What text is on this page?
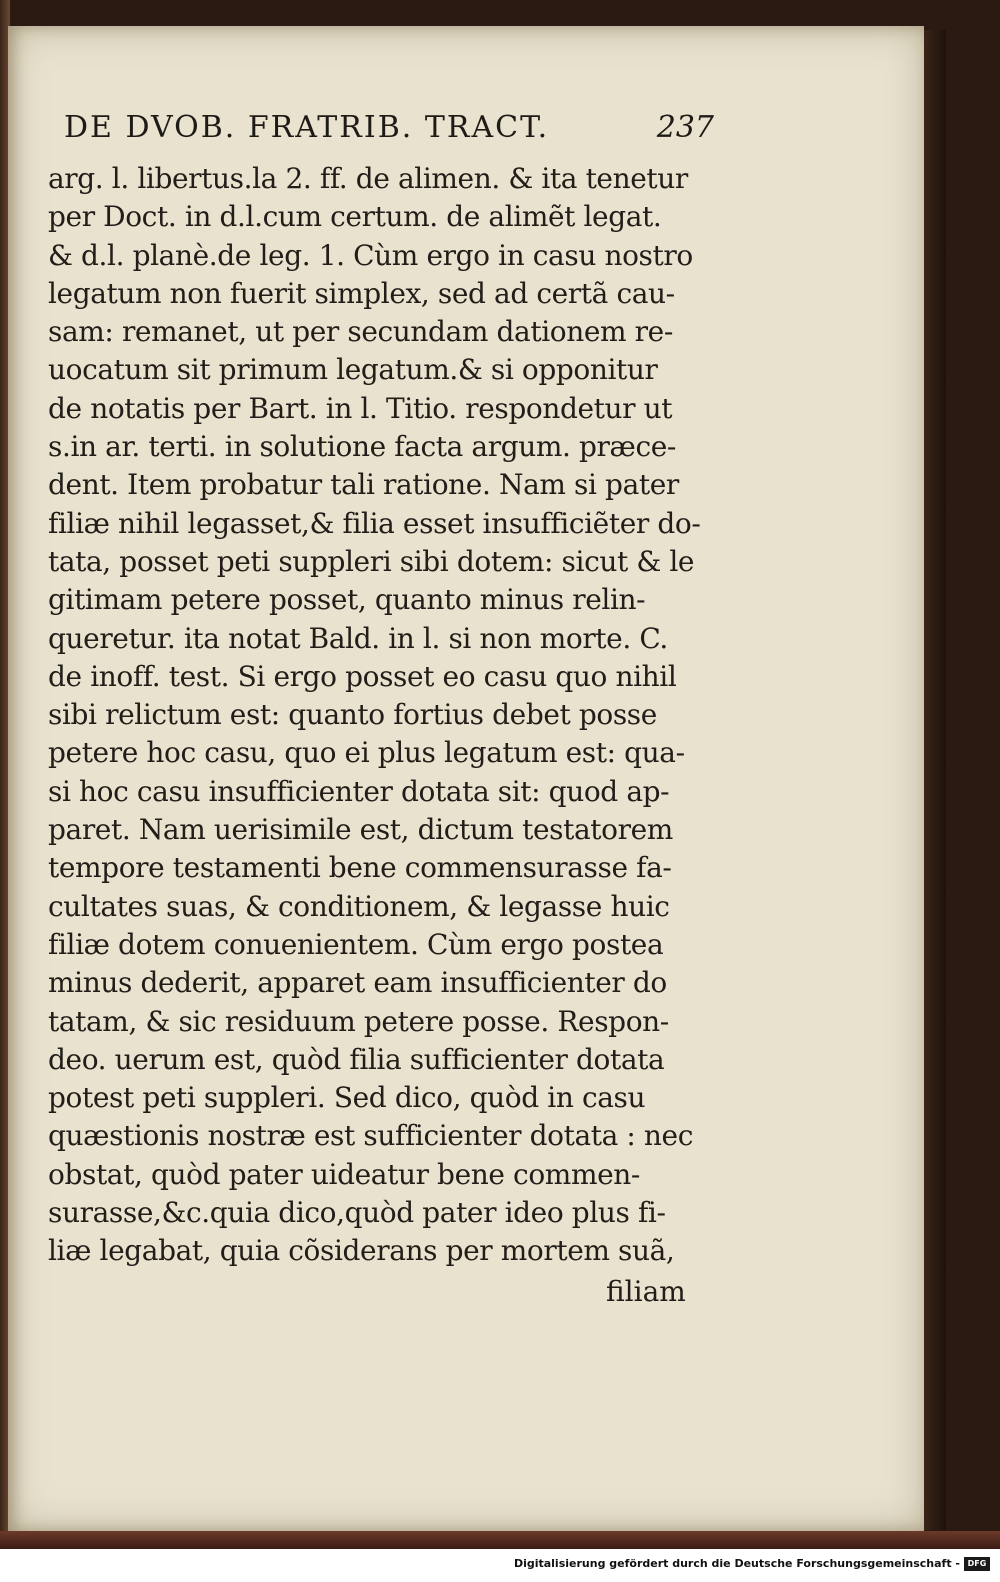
DE DVOB. FRATRIB. TRACT.	237
arg. l. libertus.la 2. ff. de alimen. & ita tenetur
per Doct. in d.l.cum certum. de alimẽt legat.
& d.l. planè.de leg. 1. Cùm ergo in casu nostro
legatum non fuerit simplex, sed ad certã cau-
sam: remanet, ut per secundam dationem re-
uocatum sit primum legatum.& si opponitur
de notatis per Bart. in l. Titio. respondetur ut
s.in ar. terti. in solutione facta argum. præce-
dent. Item probatur tali ratione. Nam si pater
filiæ nihil legasset,& filia esset insufficiẽter do-
tata, posset peti suppleri sibi dotem: sicut & le
gitimam petere posset, quanto minus relin-
queretur. ita notat Bald. in l. si non morte. C.
de inoff. test. Si ergo posset eo casu quo nihil
sibi relictum est: quanto fortius debet posse
petere hoc casu, quo ei plus legatum est: qua-
si hoc casu insufficienter dotata sit: quod ap-
paret. Nam uerisimile est, dictum testatorem
tempore testamenti bene commensurasse fa-
cultates suas, & conditionem, & legasse huic
filiæ dotem conuenientem. Cùm ergo postea
minus dederit, apparet eam insufficienter do
tatam, & sic residuum petere posse. Respon-
deo. uerum est, quòd filia sufficienter dotata
potest peti suppleri. Sed dico, quòd in casu
quæstionis nostræ est sufficienter dotata : nec
obstat, quòd pater uideatur bene commen-
surasse,&c.quia dico,quòd pater ideo plus fi-
liæ legabat, quia cõsiderans per mortem suã,
filiam
Digitalisierung gefördert durch die Deutsche Forschungsgemeinschaft - DFG
